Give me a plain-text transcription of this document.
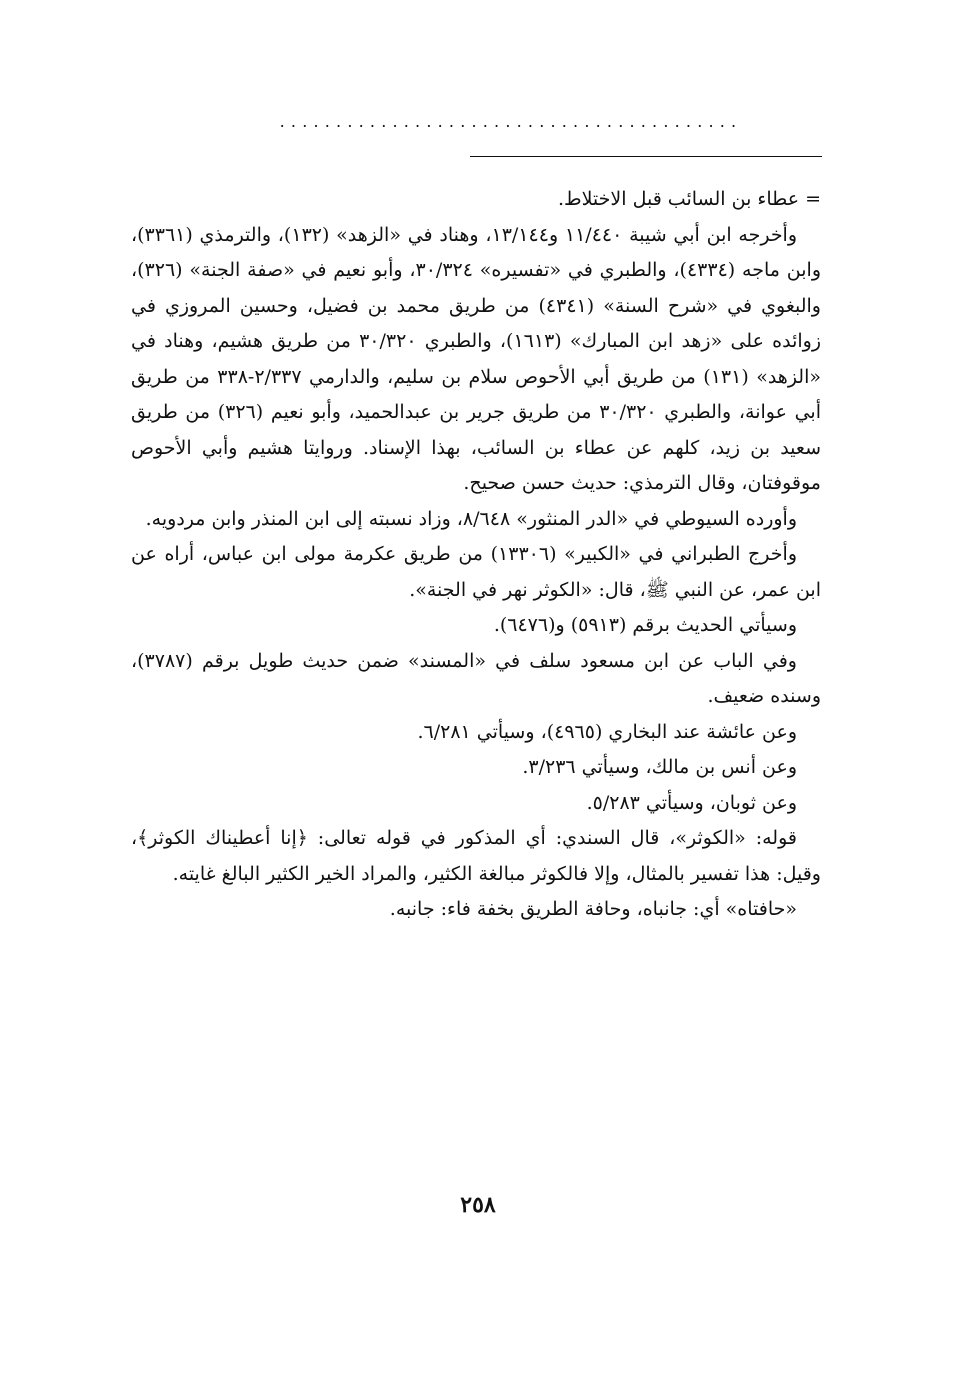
.........................................

= عطاء بن السائب قبل الاختلاط.

وأخرجه ابن أبي شيبة ١١/٤٤٠ و١٣/١٤٤، وهناد في «الزهد» (١٣٢)، والترمذي (٣٣٦١)، وابن ماجه (٤٣٣٤)، والطبري في «تفسيره» ٣٠/٣٢٤، وأبو نعيم في «صفة الجنة» (٣٢٦)، والبغوي في «شرح السنة» (٤٣٤١) من طريق محمد بن فضيل، وحسين المروزي في زوائده على «زهد ابن المبارك» (١٦١٣)، والطبري ٣٠/٣٢٠ من طريق هشيم، وهناد في «الزهد» (١٣١) من طريق أبي الأحوص سلام بن سليم، والدارمي ٢/٣٣٧-٣٣٨ من طريق أبي عوانة، والطبري ٣٠/٣٢٠ من طريق جرير بن عبدالحميد، وأبو نعيم (٣٢٦) من طريق سعيد بن زيد، كلهم عن عطاء بن السائب، بهذا الإسناد. وروايتا هشيم وأبي الأحوص موقوفتان، وقال الترمذي: حديث حسن صحيح.

وأورده السيوطي في «الدر المنثور» ٨/٦٤٨، وزاد نسبته إلى ابن المنذر وابن مردويه.

وأخرج الطبراني في «الكبير» (١٣٣٠٦) من طريق عكرمة مولى ابن عباس، أراه عن ابن عمر، عن النبي ﷺ، قال: «الكوثر نهر في الجنة».

وسيأتي الحديث برقم (٥٩١٣) و(٦٤٧٦).

وفي الباب عن ابن مسعود سلف في «المسند» ضمن حديث طويل برقم (٣٧٨٧)، وسنده ضعيف.

وعن عائشة عند البخاري (٤٩٦٥)، وسيأتي ٦/٢٨١.

وعن أنس بن مالك، وسيأتي ٣/٢٣٦.

وعن ثوبان، وسيأتي ٥/٢٨٣.

قوله: «الكوثر»، قال السندي: أي المذكور في قوله تعالى: ﴿إنا أعطيناك الكوثر﴾، وقيل: هذا تفسير بالمثال، وإلا فالكوثر مبالغة الكثير، والمراد الخير الكثير البالغ غايته.

«حافتاه» أي: جانباه، وحافة الطريق بخفة فاء: جانبه.

٢٥٨
